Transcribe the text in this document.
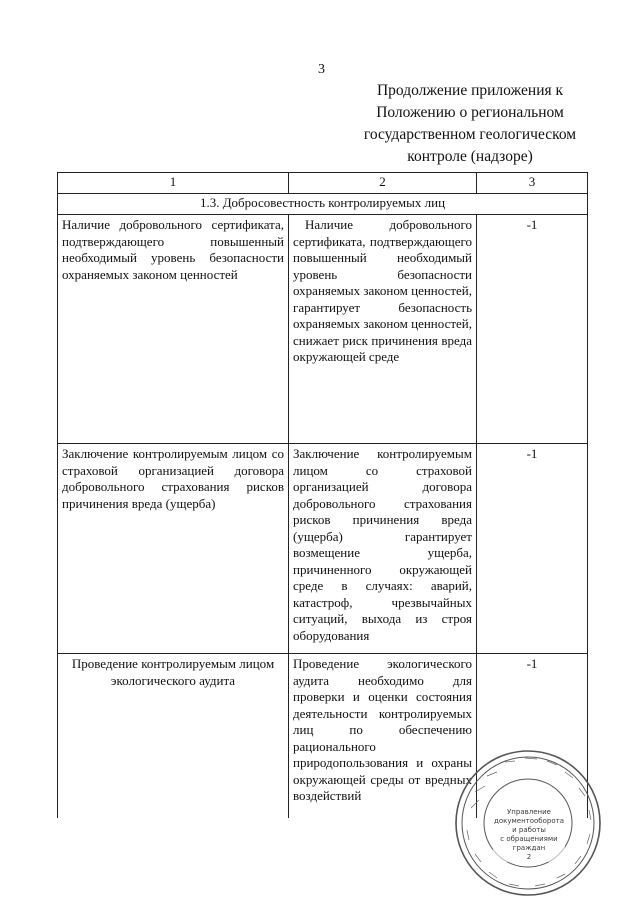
3
Продолжение приложения к
Положению о региональном
государственном геологическом
контроле (надзоре)
1	2	3
1.3. Добросовестность контролируемых лиц		
Наличие добровольного сертификата, подтверждающего повышенный необходимый уровень безопасности охраняемых законом ценностей	Наличие добровольного сертификата, подтверждающего повышенный необходимый уровень безопасности охраняемых законом ценностей, гарантирует безопасность охраняемых законом ценностей, снижает риск причинения вреда окружающей среде	-1
Заключение контролируемым лицом со страховой организацией договора добровольного страхования рисков причинения вреда (ущерба)	Заключение контролируемым лицом со страховой организацией договора добровольного страхования рисков причинения вреда (ущерба) гарантирует возмещение ущерба, причиненного окружающей среде в случаях: аварий, катастроф, чрезвычайных ситуаций, выхода из строя оборудования	-1
Проведение контролируемым лицом экологического аудита	Проведение экологического аудита необходимо для проверки и оценки состояния деятельности контролируемых лиц по обеспечению рационального природопользования и охраны окружающей среды от вредных воздействий	-1
Управление
документооборота
и работы
с обращениями
граждан
2
